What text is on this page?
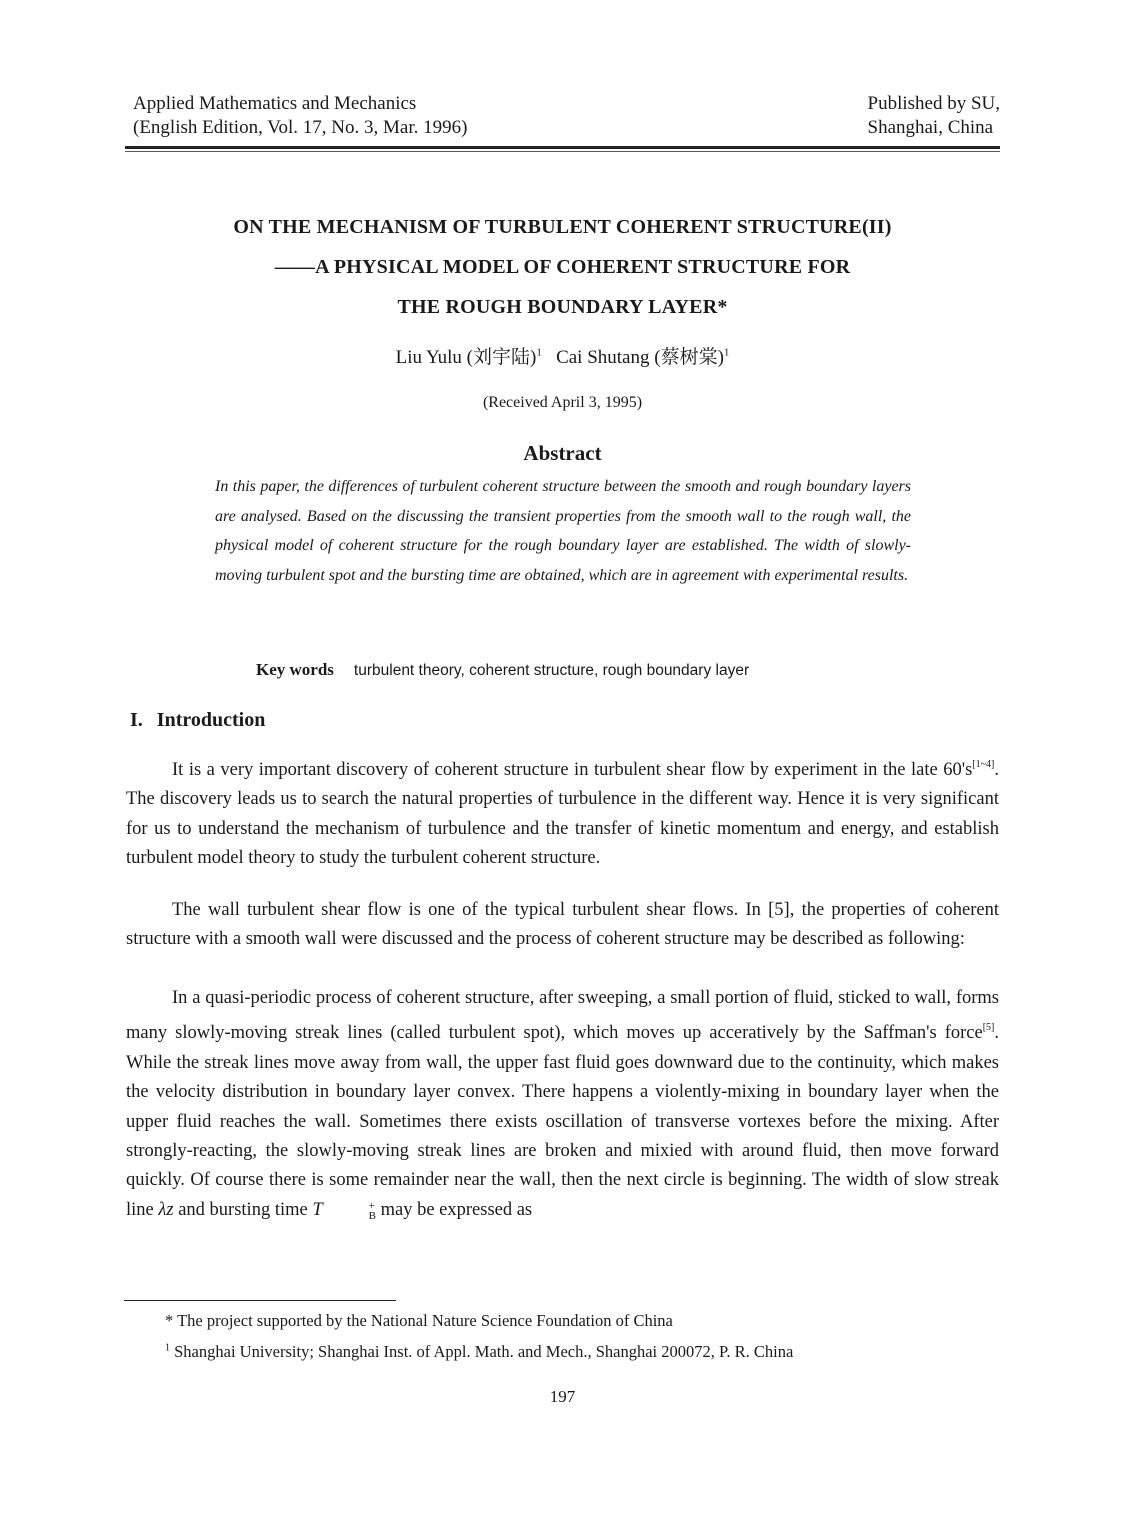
Applied Mathematics and Mechanics
(English Edition, Vol. 17, No. 3, Mar. 1996)
Published by SU,
Shanghai, China
ON THE MECHANISM OF TURBULENT COHERENT STRUCTURE(II)
——A PHYSICAL MODEL OF COHERENT STRUCTURE FOR
THE ROUGH BOUNDARY LAYER*
Liu Yulu (刘宇陆)$^1$ Cai Shutang (蔡树棠)$^1$
(Received April 3, 1995)
Abstract
In this paper, the differences of turbulent coherent structure between the smooth and rough boundary layers are analysed. Based on the discussing the transient properties from the smooth wall to the rough wall, the physical model of coherent structure for the rough boundary layer are established. The width of slowly-moving turbulent spot and the bursting time are obtained, which are in agreement with experimental results.
Key words turbulent theory, coherent structure, rough boundary layer
I. Introduction

It is a very important discovery of coherent structure in turbulent shear flow by experiment in the late 60's[1~4]. The discovery leads us to search the natural properties of turbulence in the different way. Hence it is very significant for us to understand the mechanism of turbulence and the transfer of kinetic momentum and energy, and establish turbulent model theory to study the turbulent coherent structure.

The wall turbulent shear flow is one of the typical turbulent shear flows. In [5], the properties of coherent structure with a smooth wall were discussed and the process of coherent structure may be described as following:

In a quasi-periodic process of coherent structure, after sweeping, a small portion of fluid, sticked to wall, forms many slowly-moving streak lines (called turbulent spot), which moves up acceratively by the Saffman's force[5]. While the streak lines move away from wall, the upper fast fluid goes downward due to the continuity, which makes the velocity distribution in boundary layer convex. There happens a violently-mixing in boundary layer when the upper fluid reaches the wall. Sometimes there exists oscillation of transverse vortexes before the mixing. After strongly-reacting, the slowly-moving streak lines are broken and mixied with around fluid, then move forward quickly. Of course there is some remainder near the wall, then the next circle is beginning. The width of slow streak line λz and bursting time T	+
B may be expressed as

* The project supported by the National Nature Science Foundation of China
$^1$ Shanghai University; Shanghai Inst. of Appl. Math. and Mech., Shanghai 200072, P. R. China
197
